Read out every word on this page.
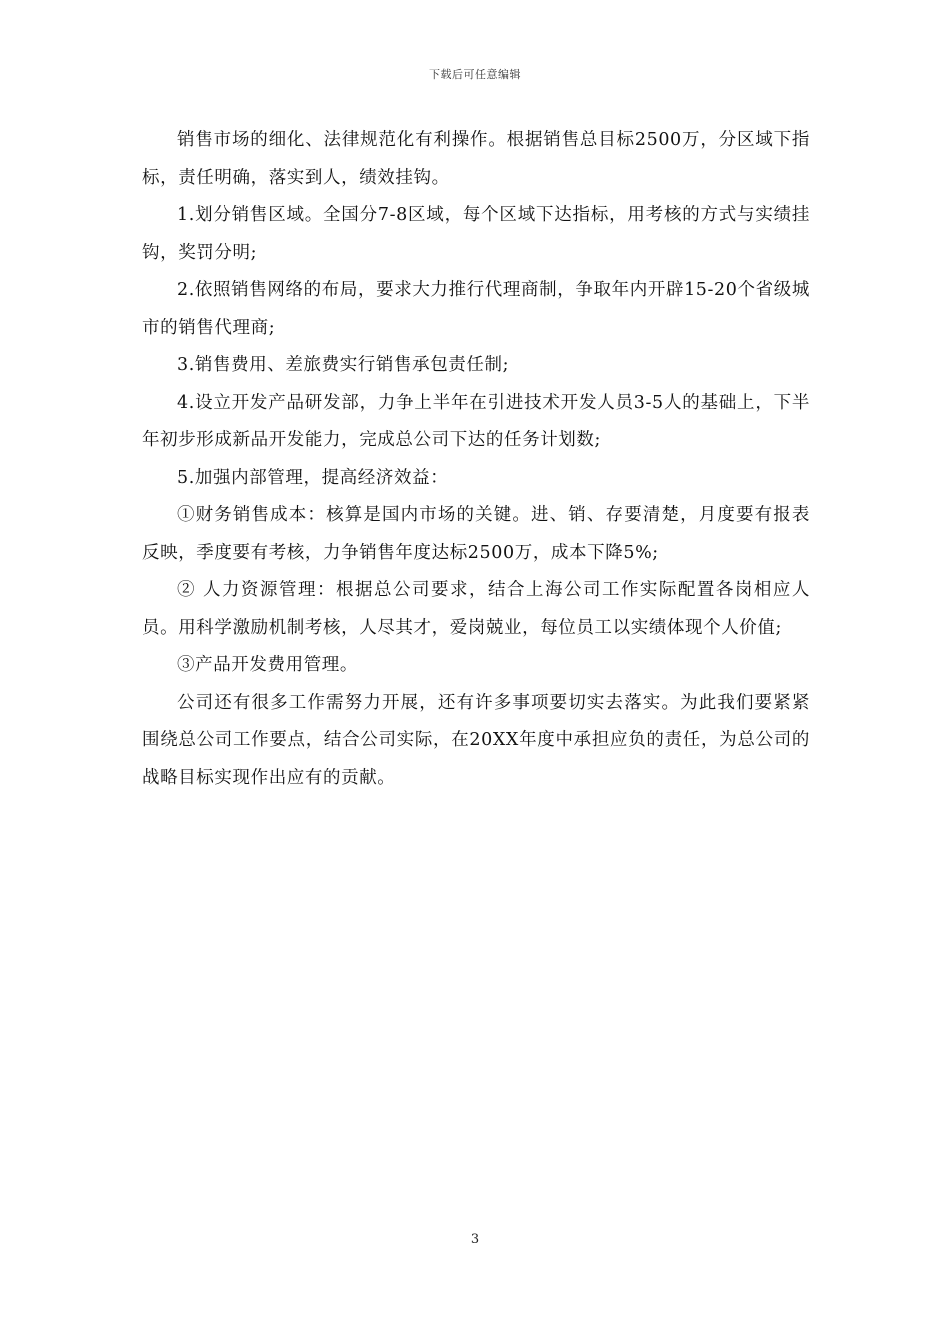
下载后可任意编辑

销售市场的细化、法律规范化有利操作。根据销售总目标2500万，分区域下指标，责任明确，落实到人，绩效挂钩。

1.划分销售区域。全国分7-8区域，每个区域下达指标，用考核的方式与实绩挂钩，奖罚分明;

2.依照销售网络的布局，要求大力推行代理商制，争取年内开辟15-20个省级城市的销售代理商;

3.销售费用、差旅费实行销售承包责任制;

4.设立开发产品研发部，力争上半年在引进技术开发人员3-5人的基础上，下半年初步形成新品开发能力，完成总公司下达的任务计划数;

5.加强内部管理，提高经济效益：

①财务销售成本：核算是国内市场的关键。进、销、存要清楚，月度要有报表反映，季度要有考核，力争销售年度达标2500万，成本下降5%;

② 人力资源管理：根据总公司要求，结合上海公司工作实际配置各岗相应人员。用科学激励机制考核，人尽其才，爱岗兢业，每位员工以实绩体现个人价值;

③产品开发费用管理。

公司还有很多工作需努力开展，还有许多事项要切实去落实。为此我们要紧紧围绕总公司工作要点，结合公司实际，在20XX年度中承担应负的责任，为总公司的战略目标实现作出应有的贡献。

3
